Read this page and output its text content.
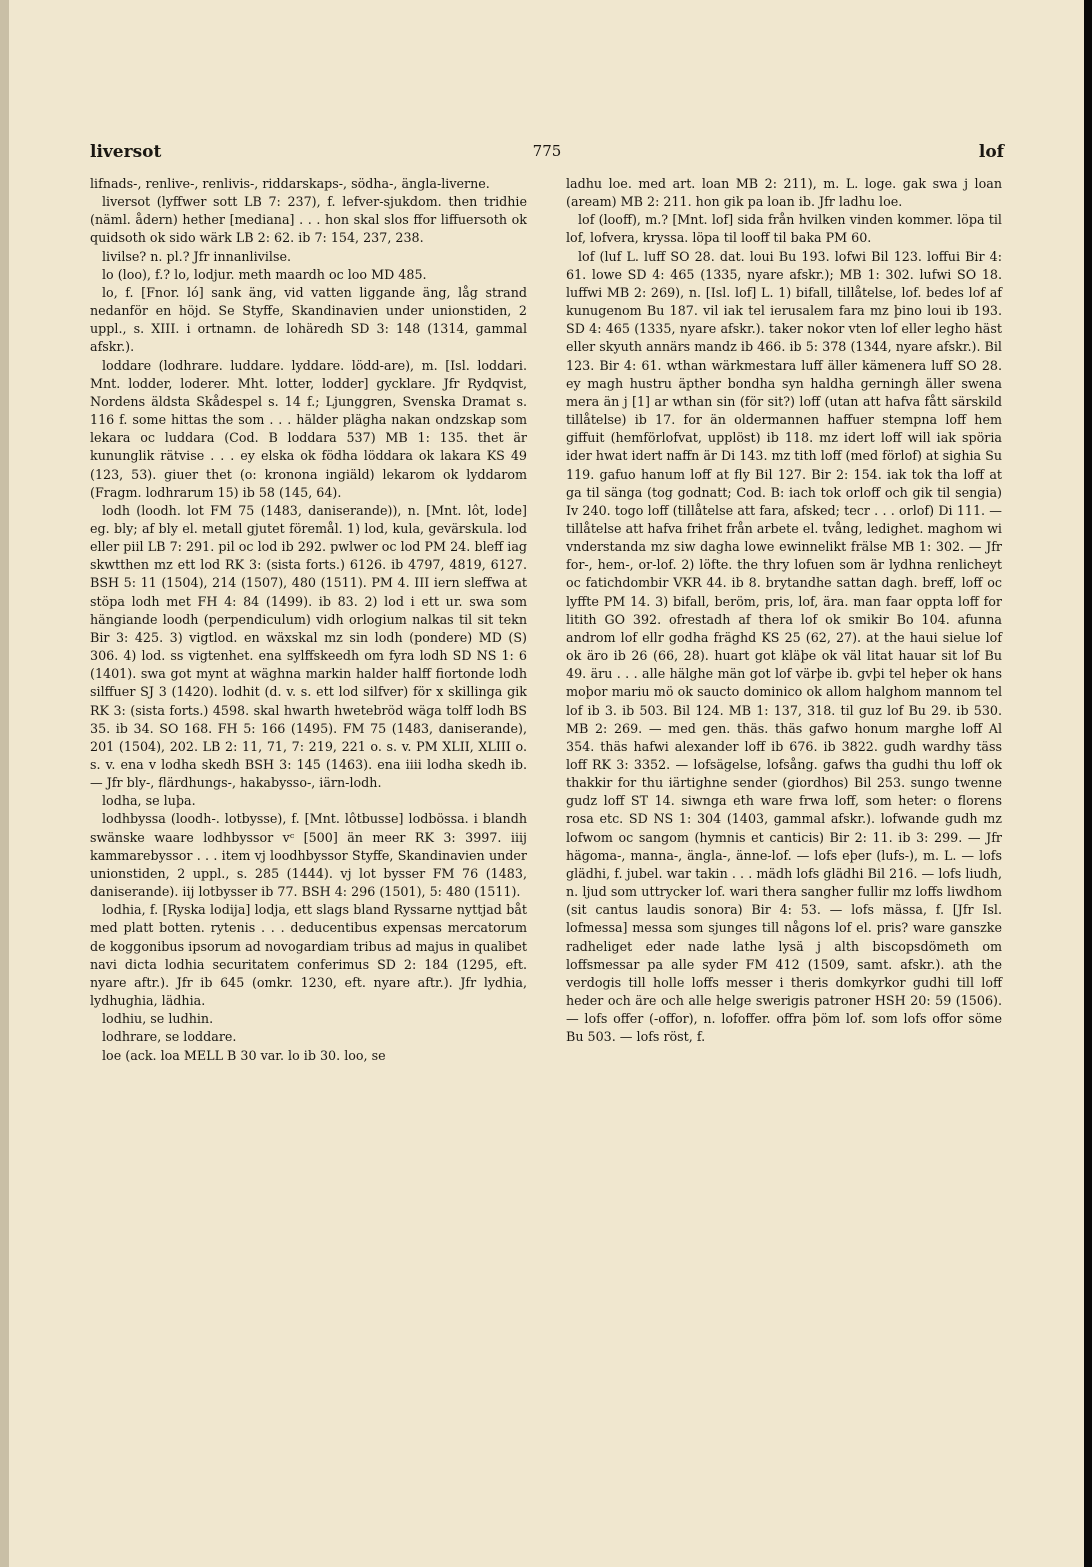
liversot	775	lof

lifnads-, renlive-, renlivis-, riddarskaps-, södha-, ängla-liverne.

liversot (lyffwer sott LB 7: 237), f. lefver-sjukdom. then tridhie (näml. ådern) hether [mediana] . . . hon skal slos ffor liffuersoth ok quidsoth ok sido wärk LB 2: 62. ib 7: 154, 237, 238.

livilse? n. pl.? Jfr innanlivilse.

lo (loo), f.? lo, lodjur. meth maardh oc loo MD 485.

lo, f. [Fnor. ló] sank äng, vid vatten liggande äng, låg strand nedanför en höjd. Se Styffe, Skandinavien under unionstiden, 2 uppl., s. XIII. i ortnamn. de lohäredh SD 3: 148 (1314, gammal afskr.).

loddare (lodhrare. luddare. lyddare. lödd-are), m. [Isl. loddari. Mnt. lodder, loderer. Mht. lotter, lodder] gycklare. Jfr Rydqvist, Nordens äldsta Skådespel s. 14 f.; Ljunggren, Svenska Dramat s. 116 f. some hittas the som . . . hälder plägha nakan ondzskap som lekara oc luddara (Cod. B loddara 537) MB 1: 135. thet är kununglik rätvise . . . ey elska ok födha löddara ok lakara KS 49 (123, 53). giuer thet (o: kronona ingiäld) lekarom ok lyddarom (Fragm. lodhrarum 15) ib 58 (145, 64).

lodh (loodh. lot FM 75 (1483, daniserande)), n. [Mnt. lôt, lode] eg. bly; af bly el. metall gjutet föremål. 1) lod, kula, gevärskula. lod eller piil LB 7: 291. pil oc lod ib 292. pwlwer oc lod PM 24. bleff iag skwtthen mz ett lod RK 3: (sista forts.) 6126. ib 4797, 4819, 6127. BSH 5: 11 (1504), 214 (1507), 480 (1511). PM 4. III iern sleffwa at stöpa lodh met FH 4: 84 (1499). ib 83. 2) lod i ett ur. swa som hängiande loodh (perpendiculum) vidh orlogium nalkas til sit tekn Bir 3: 425. 3) vigtlod. en wäxskal mz sin lodh (pondere) MD (S) 306. 4) lod. ss vigtenhet. ena sylffskeedh om fyra lodh SD NS 1: 6 (1401). swa got mynt at wäghna markin halder halff fiortonde lodh silffuer SJ 3 (1420). lodhit (d. v. s. ett lod silfver) för x skillinga gik RK 3: (sista forts.) 4598. skal hwarth hwetebröd wäga tolff lodh BS 35. ib 34. SO 168. FH 5: 166 (1495). FM 75 (1483, daniserande), 201 (1504), 202. LB 2: 11, 71, 7: 219, 221 o. s. v. PM XLII, XLIII o. s. v. ena v lodha skedh BSH 3: 145 (1463). ena iiii lodha skedh ib. — Jfr bly-, flärdhungs-, hakabysso-, iärn-lodh.

lodha, se luþa.

lodhbyssa (loodh-. lotbysse), f. [Mnt. lôtbusse] lodbössa. i blandh swänske waare lodhbyssor vᶜ [500] än meer RK 3: 3997. iiij kammarebyssor . . . item vj loodhbyssor Styffe, Skandinavien under unionstiden, 2 uppl., s. 285 (1444). vj lot bysser FM 76 (1483, daniserande). iij lotbysser ib 77. BSH 4: 296 (1501), 5: 480 (1511).

lodhia, f. [Ryska lodija] lodja, ett slags bland Ryssarne nyttjad båt med platt botten. rytenis . . . deducentibus expensas mercatorum de koggonibus ipsorum ad novogardiam tribus ad majus in qualibet navi dicta lodhia securitatem conferimus SD 2: 184 (1295, eft. nyare aftr.). Jfr ib 645 (omkr. 1230, eft. nyare aftr.). Jfr lydhia, lydhughia, lädhia.

lodhiu, se ludhin.

lodhrare, se loddare.

loe (ack. loa MELL B 30 var. lo ib 30. loo, se

ladhu loe. med art. loan MB 2: 211), m. L. loge. gak swa j loan (aream) MB 2: 211. hon gik pa loan ib. Jfr ladhu loe.

lof (looff), m.? [Mnt. lof] sida från hvilken vinden kommer. löpa til lof, lofvera, kryssa. löpa til looff til baka PM 60.

lof (luf L. luff SO 28. dat. loui Bu 193. lofwi Bil 123. loffui Bir 4: 61. lowe SD 4: 465 (1335, nyare afskr.); MB 1: 302. lufwi SO 18. luffwi MB 2: 269), n. [Isl. lof] L. 1) bifall, tillåtelse, lof. bedes lof af kunugenom Bu 187. vil iak tel ierusalem fara mz þino loui ib 193. SD 4: 465 (1335, nyare afskr.). taker nokor vten lof eller legho häst eller skyuth annärs mandz ib 466. ib 5: 378 (1344, nyare afskr.). Bil 123. Bir 4: 61. wthan wärkmestara luff äller kämenera luff SO 28. ey magh hustru äpther bondha syn haldha gerningh äller swena mera än j [1] ar wthan sin (för sit?) loff (utan att hafva fått särskild tillåtelse) ib 17. for än oldermannen haffuer stempna loff hem giffuit (hemförlofvat, upplöst) ib 118. mz idert loff will iak spöria ider hwat idert naffn är Di 143. mz tith loff (med förlof) at sighia Su 119. gafuo hanum loff at fly Bil 127. Bir 2: 154. iak tok tha loff at ga til sänga (tog godnatt; Cod. B: iach tok orloff och gik til sengia) Iv 240. togo loff (tillåtelse att fara, afsked; tecr . . . orlof) Di 111. — tillåtelse att hafva frihet från arbete el. tvång, ledighet. maghom wi vnderstanda mz siw dagha lowe ewinnelikt frälse MB 1: 302. — Jfr for-, hem-, or-lof. 2) löfte. the thry lofuen som är lydhna renlicheyt oc fatichdombir VKR 44. ib 8. brytandhe sattan dagh. breff, loff oc lyffte PM 14. 3) bifall, beröm, pris, lof, ära. man faar oppta loff for litith GO 392. ofrestadh af thera lof ok smikir Bo 104. afunna androm lof ellr godha fräghd KS 25 (62, 27). at the haui sielue lof ok äro ib 26 (66, 28). huart got kläþe ok väl litat hauar sit lof Bu 49. äru . . . alle hälghe män got lof värþe ib. gvþi tel heþer ok hans moþor mariu mö ok saucto dominico ok allom halghom mannom tel lof ib 3. ib 503. Bil 124. MB 1: 137, 318. til guz lof Bu 29. ib 530. MB 2: 269. — med gen. thäs. thäs gafwo honum marghe loff Al 354. thäs hafwi alexander loff ib 676. ib 3822. gudh wardhy täss loff RK 3: 3352. — lofsägelse, lofsång. gafws tha gudhi thu loff ok thakkir for thu iärtighne sender (giordhos) Bil 253. sungo twenne gudz loff ST 14. siwnga eth ware frwa loff, som heter: o florens rosa etc. SD NS 1: 304 (1403, gammal afskr.). lofwande gudh mz lofwom oc sangom (hymnis et canticis) Bir 2: 11. ib 3: 299. — Jfr hägoma-, manna-, ängla-, änne-lof. — lofs eþer (lufs-), m. L. — lofs glädhi, f. jubel. war takin . . . mädh lofs glädhi Bil 216. — lofs liudh, n. ljud som uttrycker lof. wari thera sangher fullir mz loffs liwdhom (sit cantus laudis sonora) Bir 4: 53. — lofs mässa, f. [Jfr Isl. lofmessa] messa som sjunges till någons lof el. pris? ware ganszke radheliget eder nade lathe lysä j alth biscopsdömeth om loffsmessar pa alle syder FM 412 (1509, samt. afskr.). ath the verdogis till holle loffs messer i theris domkyrkor gudhi till loff heder och äre och alle helge swerigis patroner HSH 20: 59 (1506). — lofs offer (-offor), n. lofoffer. offra þöm lof. som lofs offor söme Bu 503. — lofs röst, f.
